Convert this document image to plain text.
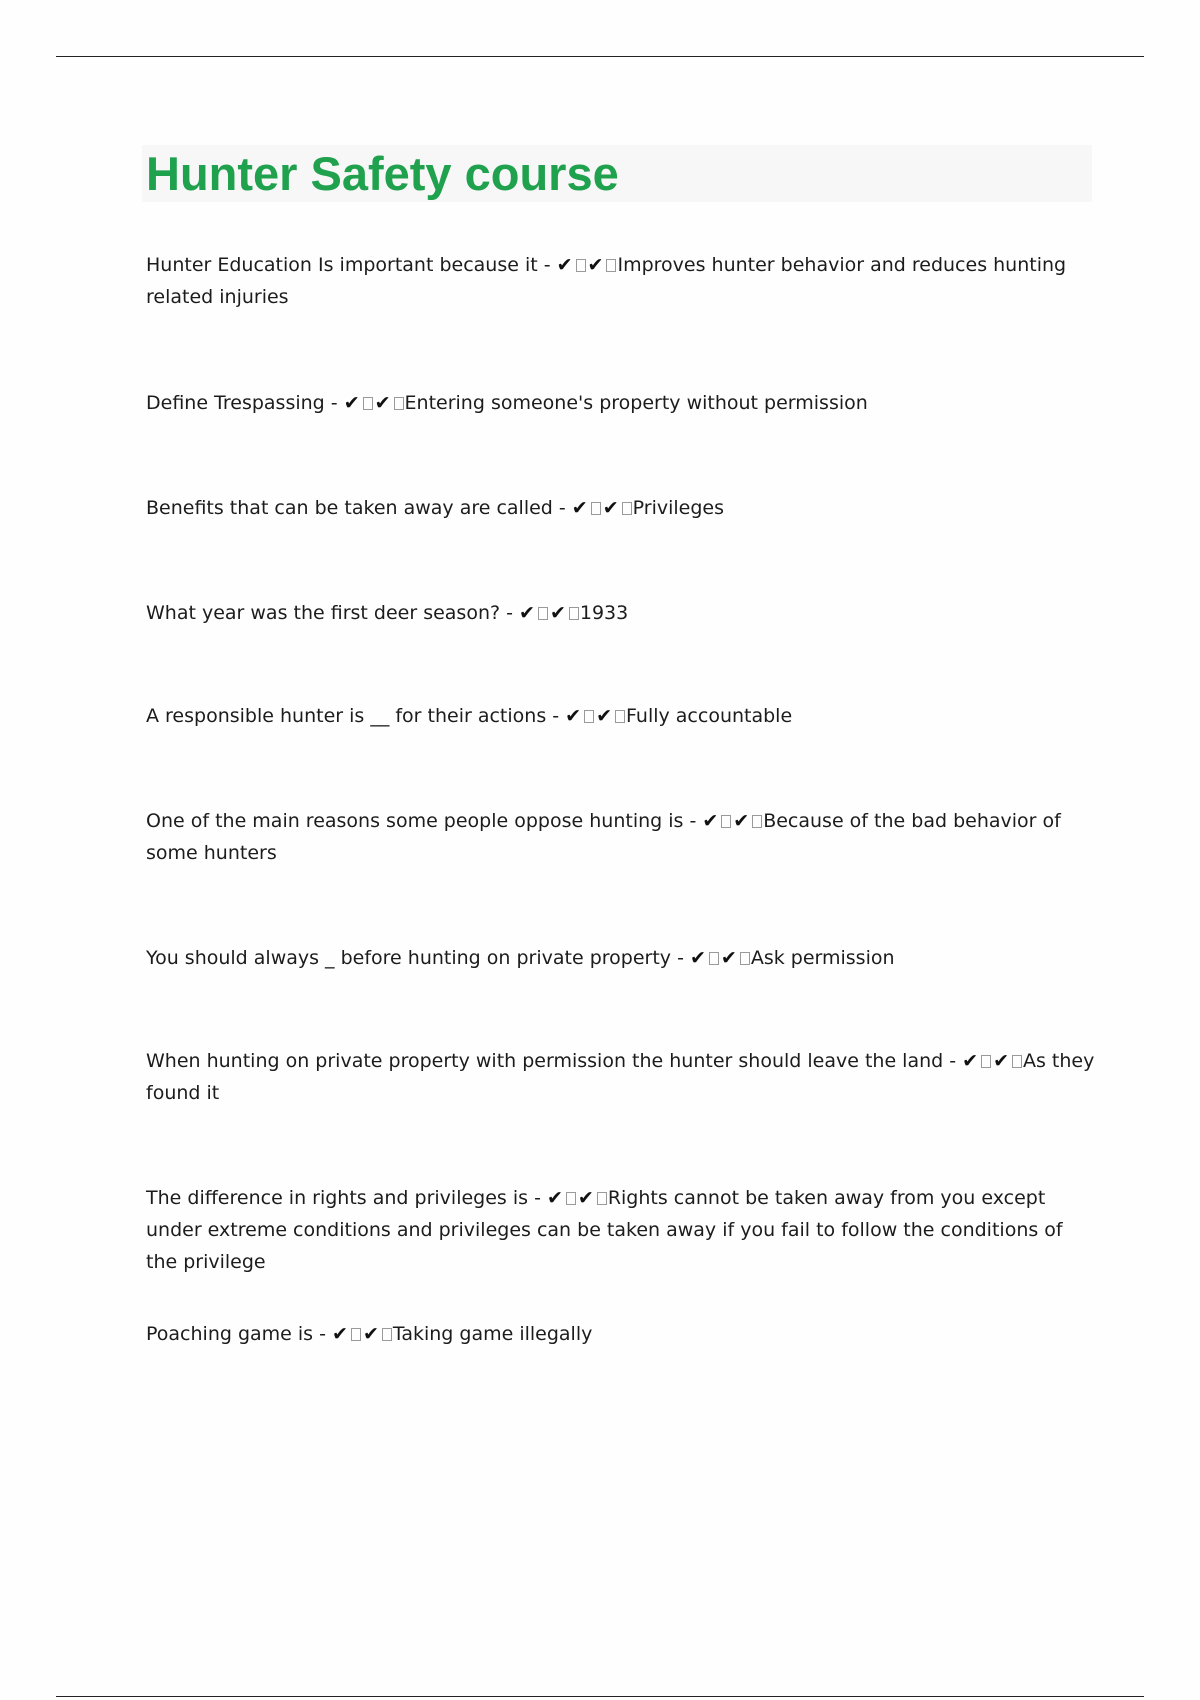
Hunter Safety course

Hunter Education Is important because it - ✔ ✔ Improves hunter behavior and reduces hunting related injuries

Define Trespassing - ✔ ✔ Entering someone's property without permission

Benefits that can be taken away are called - ✔ ✔ Privileges

What year was the first deer season? - ✔ ✔ 1933

A responsible hunter is __ for their actions - ✔ ✔ Fully accountable

One of the main reasons some people oppose hunting is - ✔ ✔ Because of the bad behavior of some hunters

You should always _ before hunting on private property - ✔ ✔ Ask permission

When hunting on private property with permission the hunter should leave the land - ✔ ✔ As they found it

The difference in rights and privileges is - ✔ ✔ Rights cannot be taken away from you except under extreme conditions and privileges can be taken away if you fail to follow the conditions of the privilege

Poaching game is - ✔ ✔ Taking game illegally
